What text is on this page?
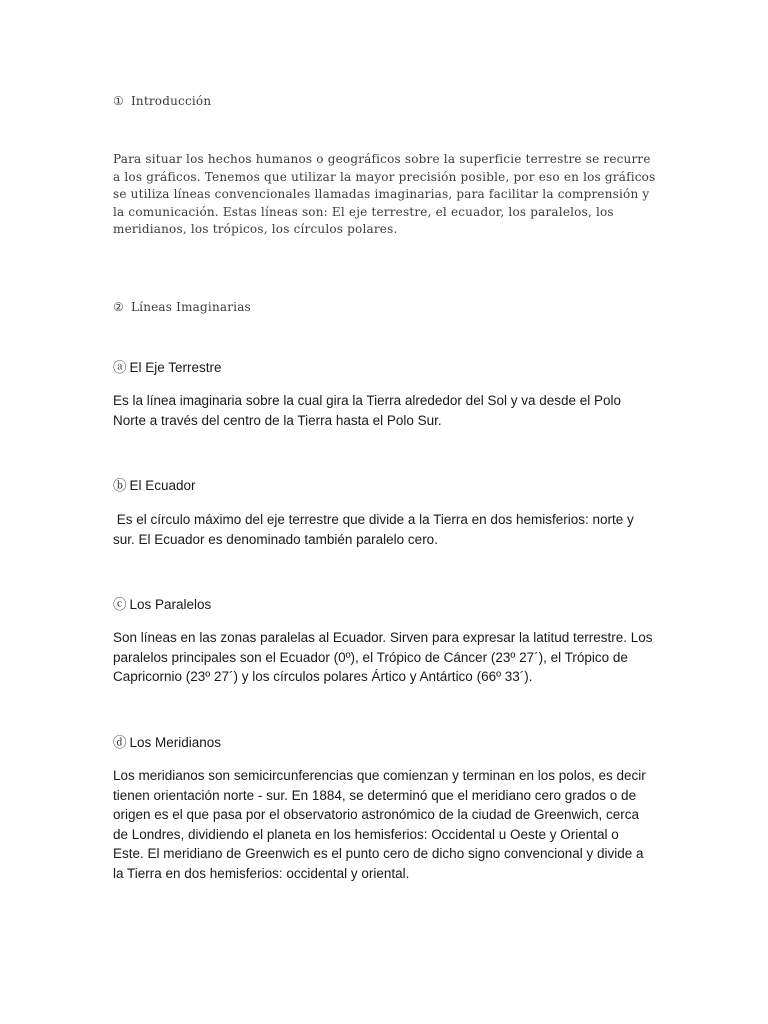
① Introducción

Para situar los hechos humanos o geográficos sobre la superficie terrestre se recurre a los gráficos. Tenemos que utilizar la mayor precisión posible, por eso en los gráficos se utiliza líneas convencionales llamadas imaginarias, para facilitar la comprensión y la comunicación. Estas líneas son: El eje terrestre, el ecuador, los paralelos, los meridianos, los trópicos, los círculos polares.

② Líneas Imaginarias
ⓐ El Eje Terrestre

Es la línea imaginaria sobre la cual gira la Tierra alrededor del Sol y va desde el Polo Norte a través del centro de la Tierra hasta el Polo Sur.

ⓑ El Ecuador

Es el círculo máximo del eje terrestre que divide a la Tierra en dos hemisferios: norte y sur. El Ecuador es denominado también paralelo cero.

ⓒ Los Paralelos

Son líneas en las zonas paralelas al Ecuador. Sirven para expresar la latitud terrestre. Los paralelos principales son el Ecuador (0º), el Trópico de Cáncer (23º 27´), el Trópico de Capricornio (23º 27´) y los círculos polares Ártico y Antártico (66º 33´).

ⓓ Los Meridianos

Los meridianos son semicircunferencias que comienzan y terminan en los polos, es decir tienen orientación norte - sur. En 1884, se determinó que el meridiano cero grados o de origen es el que pasa por el observatorio astronómico de la ciudad de Greenwich, cerca de Londres, dividiendo el planeta en los hemisferios: Occidental u Oeste y Oriental o Este. El meridiano de Greenwich es el punto cero de dicho signo convencional y divide a la Tierra en dos hemisferios: occidental y oriental.
